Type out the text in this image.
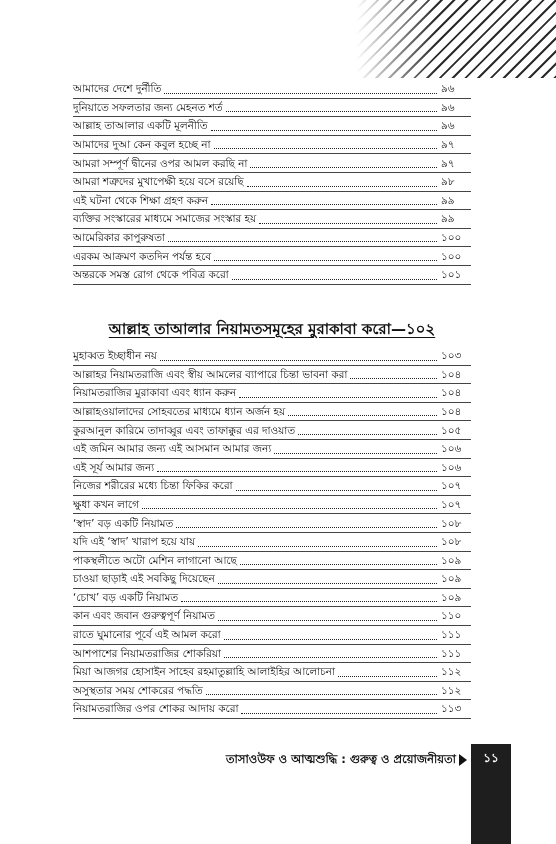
আমাদের দেশে দুর্নীতি	৯৬
দুনিয়াতে সফলতার জন্য মেহনত শর্ত	৯৬
আল্লাহ তাআলার একটি মূলনীতি	৯৬
আমাদের দুআ কেন কবুল হচ্ছে না	৯৭
আমরা সম্পূর্ণ দ্বীনের ওপর আমল করছি না	৯৭
আমরা শত্রুদের মুখাপেক্ষী হয়ে বসে রয়েছি	৯৮
এই ঘটনা থেকে শিক্ষা গ্রহণ করুন	৯৯
ব্যক্তির সংস্কারের মাধ্যমে সমাজের সংস্কার হয়	৯৯
আমেরিকার কাপুরুষতা	১০০
এরকম আক্রমণ কতদিন পর্যন্ত হবে	১০০
অন্তরকে সমস্ত রোগ থেকে পবিত্র করো	১০১
আল্লাহ তাআলার নিয়ামতসমূহের মুরাকাবা করো—১০২
মুহাব্বত ইচ্ছাধীন নয়	১০৩
আল্লাহর নিয়ামতরাজি এবং স্বীয় আমলের ব্যাপারে চিন্তা ভাবনা করা	১০৪
নিয়ামতরাজির মুরাকাবা এবং ধ্যান করুন	১০৪
আল্লাহওয়ালাদের সোহবতের মাধ্যমে ধ্যান অর্জন হয়	১০৪
কুরআনুল কারিমে তাদাব্বুর এবং তাফাক্কুর এর দাওয়াত	১০৫
এই জমিন আমার জন্য এই আসমান আমার জন্য	১০৬
এই সূর্য আমার জন্য	১০৬
নিজের শরীরের মধ্যে চিন্তা ফিকির করো	১০৭
ক্ষুধা কখন লাগে	১০৭
‘স্বাদ’ বড় একটি নিয়ামত	১০৮
যদি এই ‘স্বাদ’ খারাপ হয়ে যায়	১০৮
পাকস্থলীতে অটো মেশিন লাগানো আছে	১০৯
চাওয়া ছাড়াই এই সবকিছু দিয়েছেন	১০৯
‘চোখ’ বড় একটি নিয়ামত	১০৯
কান এবং জবান গুরুত্বপূর্ণ নিয়ামত	১১০
রাতে ঘুমানোর পূর্বে এই আমল করো	১১১
আশপাশের নিয়ামতরাজির শোকরিয়া	১১১
মিয়া আজগর হোসাইন সাহেব রহমাতুল্লাহি আলাইহির আলোচনা	১১২
অসুস্থতার সময় শোকরের পদ্ধতি	১১২
নিয়ামতরাজির ওপর শোকর আদায় করো	১১৩
তাসাওউফ ও আত্মশুদ্ধি : গুরুত্ব ও প্রয়োজনীয়তা	১১
